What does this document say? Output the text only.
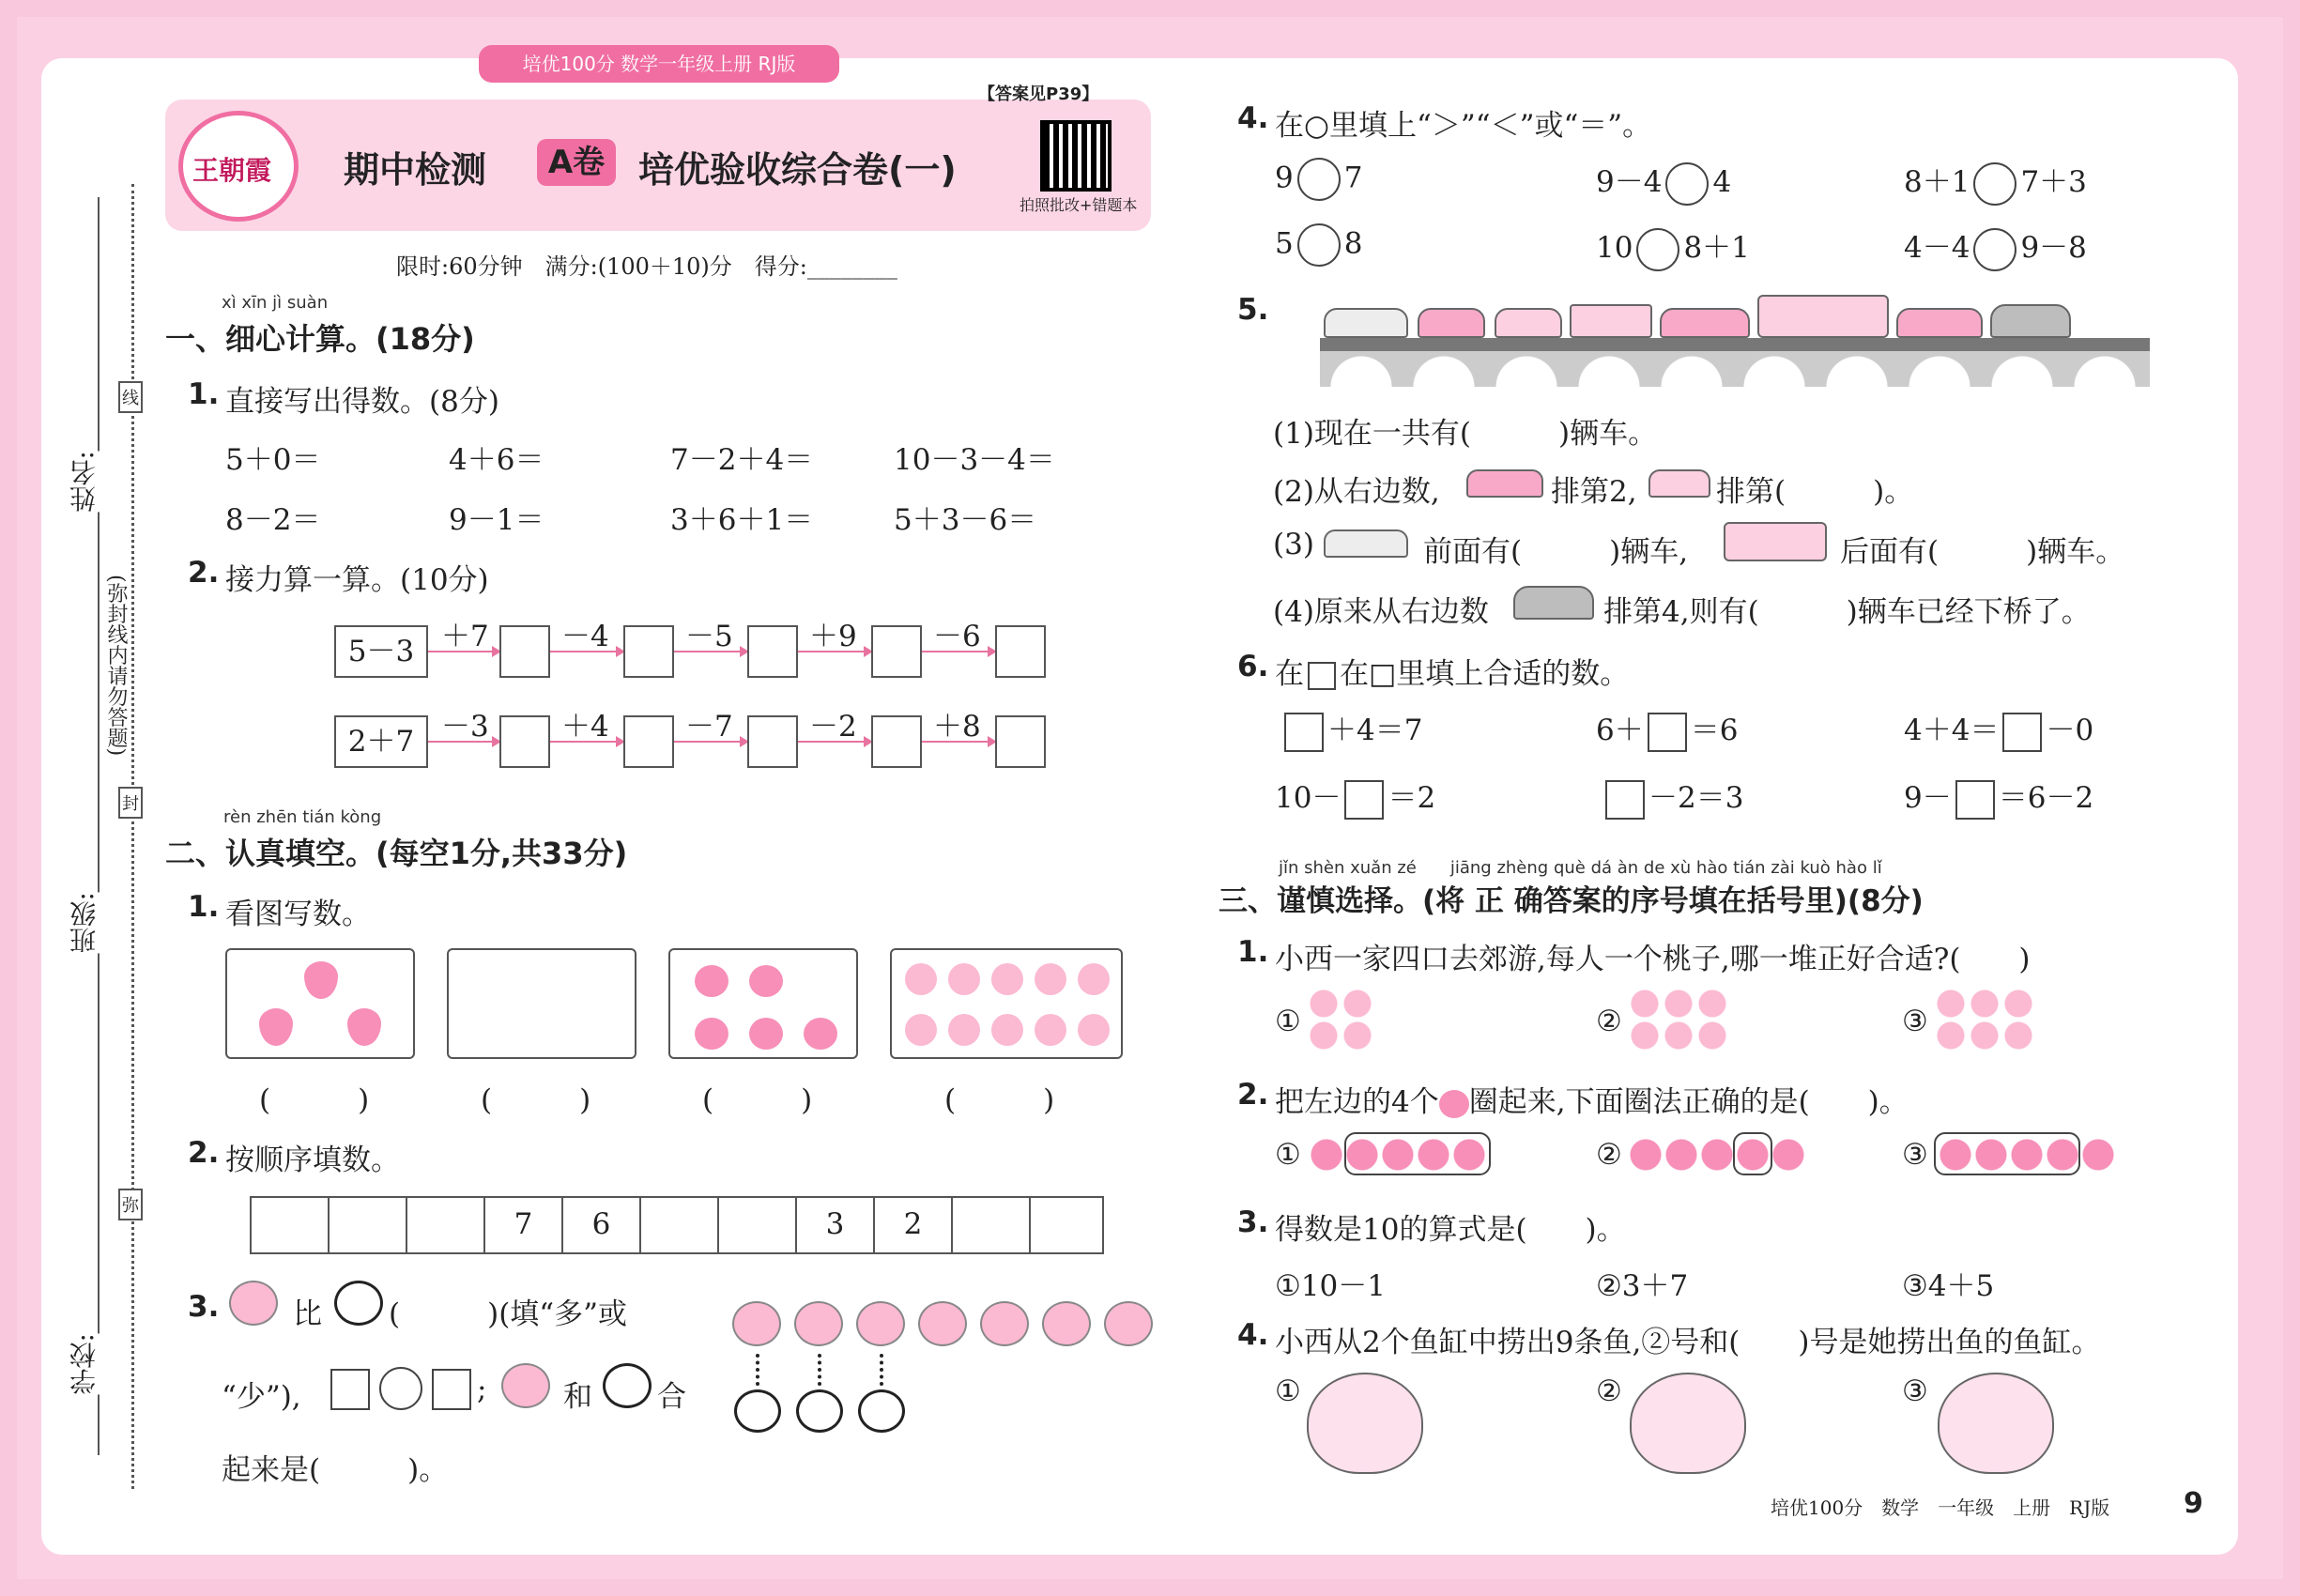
培优100分 数学一年级上册 RJ版
王朝霞
【答案见P39】
期中检测	A卷 培优验收综合卷(一)
拍照批改+错题本
限时:60分钟　满分:(100＋10)分　得分:________
姓名:
班级:
学校:
(弥封线内请勿答题)
线
封
弥
xì xīn jì suàn
一、细心计算。(18分)
1. 直接写出得数。(8分)
5＋0＝	4＋6＝	7－2＋4＝	10－3－4＝
8－2＝	9－1＝	3＋6＋1＝	5＋3－6＝
2. 接力算一算。(10分)
5－3 ＋7 －4	－5	＋9	－6
2＋7 －3 ＋4	－7	－2	＋8
rèn zhēn tián kòng
二、认真填空。(每空1分,共33分)
1. 看图写数。
(　　　)	(　　　)	(　　　)	(　　　)
2. 按顺序填数。
7	6	3	2
3.	比 (　　　)(填“多”或
“少”),	;	和 合
起来是(　　　)。
4. 在○里填上“＞”“＜”或“＝”。
9 7	9－4 4	8＋1 7＋3
5 8	10 8＋1	4－4 9－8
5.
(1)现在一共有(　　　)辆车。
(2)从右边数,	排第2,	排第(　　　)。
(3)	前面有(　　　)辆车,	后面有(　　　)辆车。
(4)原来从右边数	排第4,则有(　　　)辆车已经下桥了。
6. 在 在□里填上合适的数。
＋4＝7	6＋ ＝6	4＋4＝ －0
10－ ＝2	－2＝3	9－ ＝6－2
jǐn shèn xuǎn zé　　jiāng zhèng què dá àn de xù hào tián zài kuò hào lǐ
三、谨慎选择。(将 正 确答案的序号填在括号里)(8分)
1. 小西一家四口去郊游,每人一个桃子,哪一堆正好合适?(　　)
①	②	③
2. 把左边的4个 圈起来,下面圈法正确的是(　　)。
①	②	③
3. 得数是10的算式是(　　)。
①10－1	②3＋7	③4＋5
4. 小西从2个鱼缸中捞出9条鱼,②号和(　　)号是她捞出鱼的鱼缸。
①	②	③
培优100分　数学　一年级　上册　RJ版	9
